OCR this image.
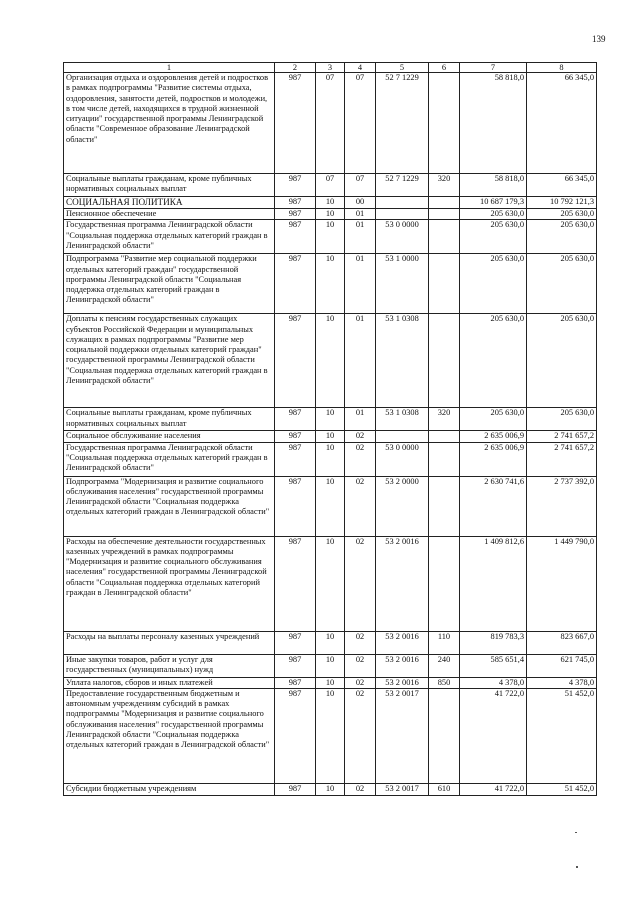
139
1	2	3	4	5	6	7	8
Организация отдыха и оздоровления детей и подростков в рамках подпрограммы "Развитие системы отдыха, оздоровления, занятости детей, подростков и молодежи, в том числе детей, находящихся в трудной жизненной ситуации" государственной программы Ленинградской области "Современное образование Ленинградской области"	987	07	07	52 7 1229		58 818,0	66 345,0
Социальные выплаты гражданам, кроме публичных нормативных социальных выплат	987	07	07	52 7 1229	320	58 818,0	66 345,0
СОЦИАЛЬНАЯ ПОЛИТИКА	987	10	00			10 687 179,3	10 792 121,3
Пенсионное обеспечение	987	10	01			205 630,0	205 630,0
Государственная программа Ленинградской области "Социальная поддержка отдельных категорий граждан в Ленинградской области"	987	10	01	53 0 0000		205 630,0	205 630,0
Подпрограмма "Развитие мер социальной поддержки отдельных категорий граждан" государственной программы Ленинградской области "Социальная поддержка отдельных категорий граждан в Ленинградской области"	987	10	01	53 1 0000		205 630,0	205 630,0
Доплаты к пенсиям государственных служащих субъектов Российской Федерации и муниципальных служащих в рамках подпрограммы "Развитие мер социальной поддержки отдельных категорий граждан" государственной программы Ленинградской области "Социальная поддержка отдельных категорий граждан в Ленинградской области"	987	10	01	53 1 0308		205 630,0	205 630,0
Социальные выплаты гражданам, кроме публичных нормативных социальных выплат	987	10	01	53 1 0308	320	205 630,0	205 630,0
Социальное обслуживание населения	987	10	02			2 635 006,9	2 741 657,2
Государственная программа Ленинградской области "Социальная поддержка отдельных категорий граждан в Ленинградской области"	987	10	02	53 0 0000		2 635 006,9	2 741 657,2
Подпрограмма "Модернизация и развитие социального обслуживания населения" государственной программы Ленинградской области "Социальная поддержка отдельных категорий граждан в Ленинградской области"	987	10	02	53 2 0000		2 630 741,6	2 737 392,0
Расходы на обеспечение деятельности государственных казенных учреждений в рамках подпрограммы "Модернизация и развитие социального обслуживания населения" государственной программы Ленинградской области "Социальная поддержка отдельных категорий граждан в Ленинградской области"	987	10	02	53 2 0016		1 409 812,6	1 449 790,0
Расходы на выплаты персоналу казенных учреждений	987	10	02	53 2 0016	110	819 783,3	823 667,0
Иные закупки товаров, работ и услуг для государственных (муниципальных) нужд	987	10	02	53 2 0016	240	585 651,4	621 745,0
Уплата налогов, сборов и иных платежей	987	10	02	53 2 0016	850	4 378,0	4 378,0
Предоставление государственным бюджетным и автономным учреждениям субсидий в рамках подпрограммы "Модернизация и развитие социального обслуживания населения" государственной программы Ленинградской области "Социальная поддержка отдельных категорий граждан в Ленинградской области"	987	10	02	53 2 0017		41 722,0	51 452,0
Субсидии бюджетным учреждениям	987	10	02	53 2 0017	610	41 722,0	51 452,0
